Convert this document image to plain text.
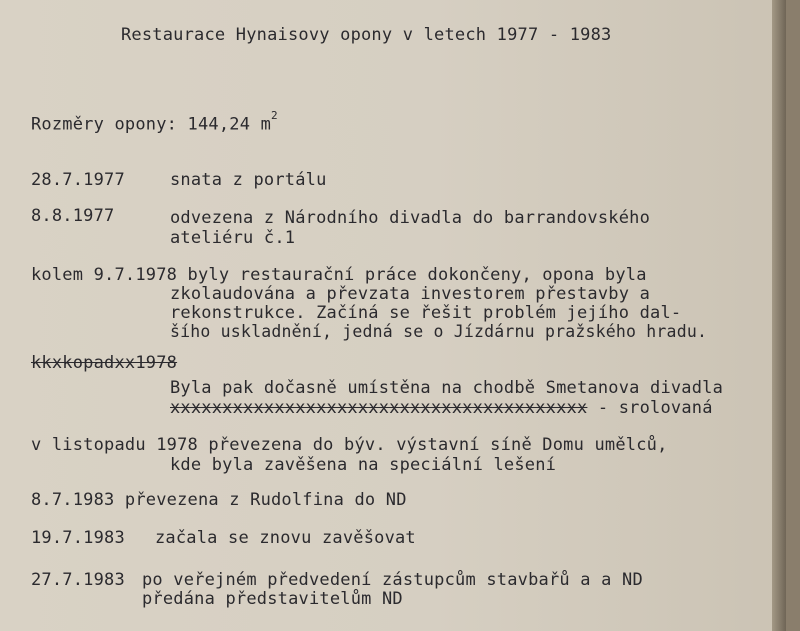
Restaurace Hynaisovy opony v letech 1977 - 1983
Rozměry opony: 144,24 $m^2$
28.7.1977	snata z portálu
8.8.1977	odvezena z Národního divadla do barrandovského
ateliéru č.1
kolem 9.7.1978 byly restaurační práce dokončeny, opona byla
zkolaudována a převzata investorem přestavby a
rekonstrukce. Začíná se řešit problém jejího dal-
šího uskladnění, jedná se o Jízdárnu pražského hradu.
kkxkopadxx1978
Byla pak dočasně umístěna na chodbě Smetanova divadla
xxxxxxxxxxxxxxxxxxxxxxxxxxxxxxxxxxxxxxxx - srolovaná
v listopadu 1978 převezena do býv. výstavní síně Domu umělců,
kde byla zavěšena na speciální lešení
8.7.1983 převezena z Rudolfina do ND
19.7.1983 začala se znovu zavěšovat
27.7.1983 po veřejném předvedení zástupcům stavbařů a a ND
předána představitelům ND
